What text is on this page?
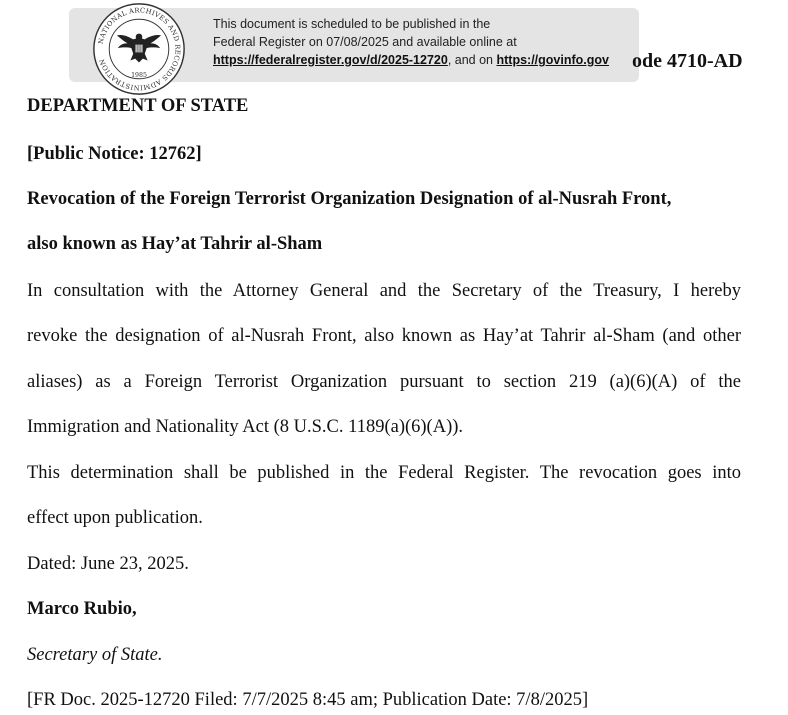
NATIONAL ARCHIVES AND RECORDS ADMINISTRATION
1985
This document is scheduled to be published in the
Federal Register on 07/08/2025 and available online at
https://federalregister.gov/d/2025-12720, and on https://govinfo.gov ode 4710-AD
DEPARTMENT OF STATE
[Public Notice: 12762]
Revocation of the Foreign Terrorist Organization Designation of al-Nusrah Front,
also known as Hay’at Tahrir al-Sham
In consultation with the Attorney General and the Secretary of the Treasury, I hereby
revoke the designation of al-Nusrah Front, also known as Hay’at Tahrir al-Sham (and other
aliases) as a Foreign Terrorist Organization pursuant to section 219 (a)(6)(A) of the
Immigration and Nationality Act (8 U.S.C. 1189(a)(6)(A)).
This determination shall be published in the Federal Register. The revocation goes into
effect upon publication.
Dated: June 23, 2025.
Marco Rubio,
Secretary of State.
[FR Doc. 2025-12720 Filed: 7/7/2025 8:45 am; Publication Date: 7/8/2025]
